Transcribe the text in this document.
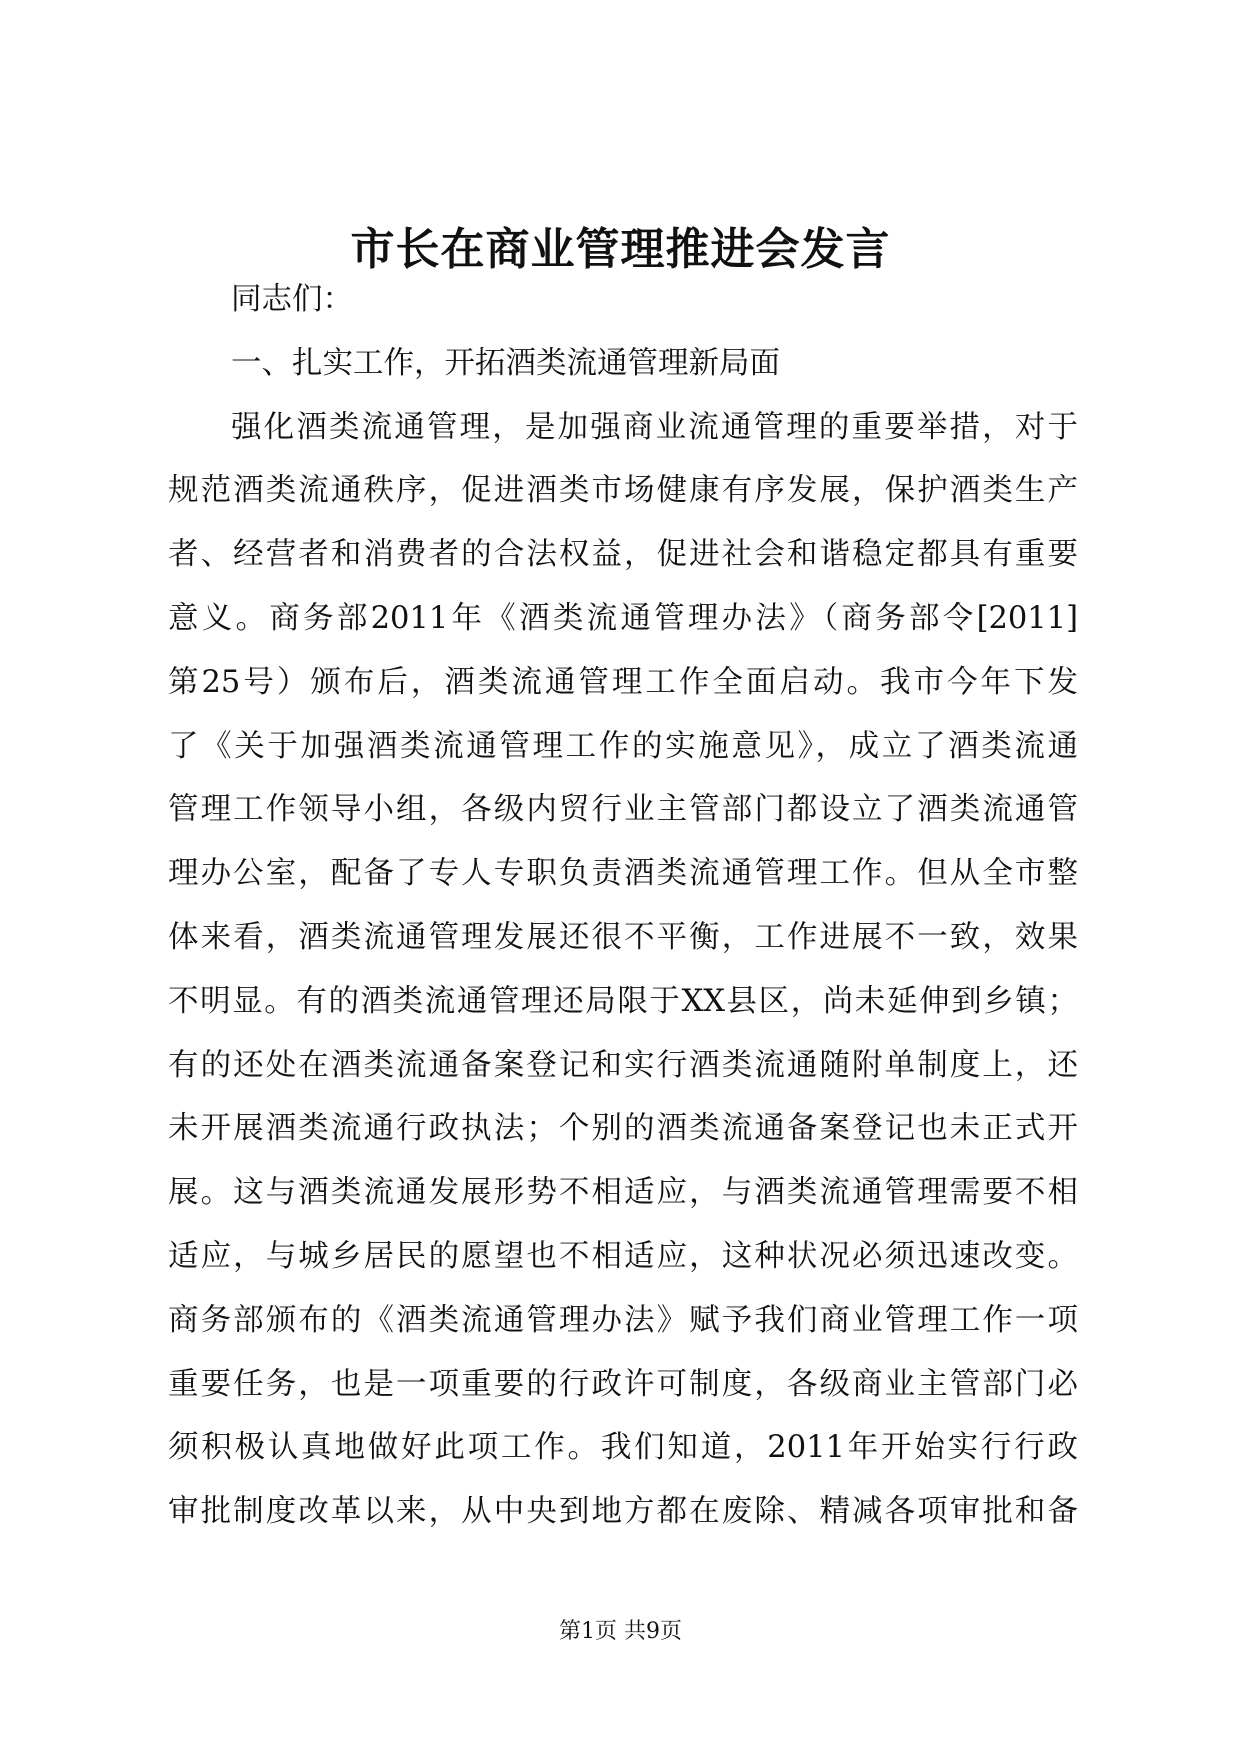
市长在商业管理推进会发言
同志们：
一、扎实工作，开拓酒类流通管理新局面
强化酒类流通管理，是加强商业流通管理的重要举措，对于
规范酒类流通秩序，促进酒类市场健康有序发展，保护酒类生产
者、经营者和消费者的合法权益，促进社会和谐稳定都具有重要
意义。商务部2011年《酒类流通管理办法》（商务部令[2011]
第25号）颁布后，酒类流通管理工作全面启动。我市今年下发
了《关于加强酒类流通管理工作的实施意见》，成立了酒类流通
管理工作领导小组，各级内贸行业主管部门都设立了酒类流通管
理办公室，配备了专人专职负责酒类流通管理工作。但从全市整
体来看，酒类流通管理发展还很不平衡，工作进展不一致，效果
不明显。有的酒类流通管理还局限于XX县区，尚未延伸到乡镇；
有的还处在酒类流通备案登记和实行酒类流通随附单制度上，还
未开展酒类流通行政执法；个别的酒类流通备案登记也未正式开
展。这与酒类流通发展形势不相适应，与酒类流通管理需要不相
适应，与城乡居民的愿望也不相适应，这种状况必须迅速改变。
商务部颁布的《酒类流通管理办法》赋予我们商业管理工作一项
重要任务，也是一项重要的行政许可制度，各级商业主管部门必
须积极认真地做好此项工作。我们知道，2011年开始实行行政
审批制度改革以来，从中央到地方都在废除、精减各项审批和备
第1页 共9页
